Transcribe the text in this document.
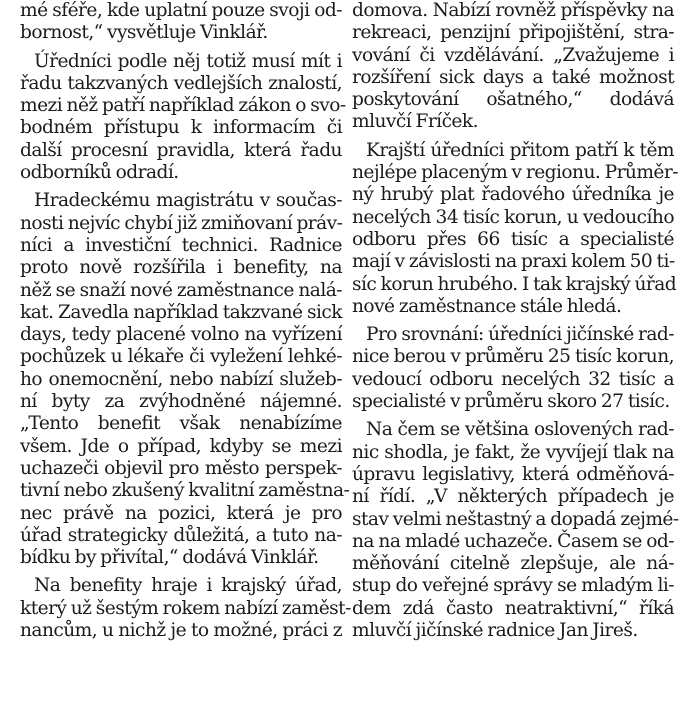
mé sféře, kde uplatní pouze svoji od-
bornost,“ vysvětluje Vinklář.
Úředníci podle něj totiž musí mít i
řadu takzvaných vedlejších znalostí,
mezi něž patří například zákon o svo-
bodném přístupu k informacím či
další procesní pravidla, která řadu
odborníků odradí.
Hradeckému magistrátu v součas-
nosti nejvíc chybí již zmiňovaní práv-
níci a investiční technici. Radnice
proto nově rozšířila i benefity, na
něž se snaží nové zaměstnance nalá-
kat. Zavedla například takzvané sick
days, tedy placené volno na vyřízení
pochůzek u lékaře či vyležení lehké-
ho onemocnění, nebo nabízí služeb-
ní byty za zvýhodněné nájemné.
„Tento benefit však nenabízíme
všem. Jde o případ, kdyby se mezi
uchazeči objevil pro město perspek-
tivní nebo zkušený kvalitní zaměstna-
nec právě na pozici, která je pro
úřad strategicky důležitá, a tuto na-
bídku by přivítal,“ dodává Vinklář.
Na benefity hraje i krajský úřad,
který už šestým rokem nabízí zaměst-
nancům, u nichž je to možné, práci z
domova. Nabízí rovněž příspěvky na
rekreaci, penzijní připojištění, stra-
vování či vzdělávání. „Zvažujeme i
rozšíření sick days a také možnost
poskytování ošatného,“ dodává
mluvčí Fríček.
Krajští úředníci přitom patří k těm
nejlépe placeným v regionu. Průměr-
ný hrubý plat řadového úředníka je
necelých 34 tisíc korun, u vedoucího
odboru přes 66 tisíc a specialisté
mají v závislosti na praxi kolem 50 ti-
síc korun hrubého. I tak krajský úřad
nové zaměstnance stále hledá.
Pro srovnání: úředníci jičínské rad-
nice berou v průměru 25 tisíc korun,
vedoucí odboru necelých 32 tisíc a
specialisté v průměru skoro 27 tisíc.
Na čem se většina oslovených rad-
nic shodla, je fakt, že vyvíjejí tlak na
úpravu legislativy, která odměňová-
ní řídí. „V některých případech je
stav velmi neštastný a dopadá zejmé-
na na mladé uchazeče. Časem se od-
měňování citelně zlepšuje, ale ná-
stup do veřejné správy se mladým li-
dem zdá často neatraktivní,“ říká
mluvčí jičínské radnice Jan Jireš.
